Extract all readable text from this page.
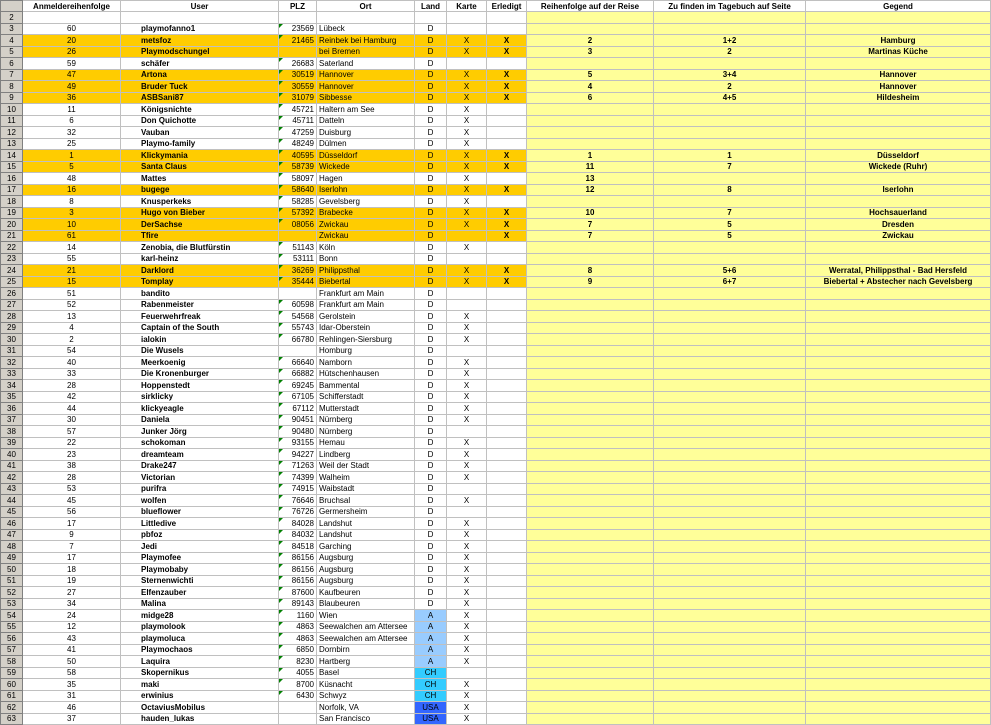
	Anmeldereihenfolge	User	PLZ	Ort	Land	Karte	Erledigt	Reihenfolge auf der Reise	Zu finden im Tagebuch auf Seite	Gegend
2										
3	60	playmofanno1	23569	Lübeck	D					
4	20	metsfoz	21465	Reinbek bei Hamburg	D	X	X	2	1+2	Hamburg
5	26	Playmodschungel		bei Bremen	D	X	X	3	2	Martinas Küche
6	59	schäfer	26683	Saterland	D					
7	47	Artona	30519	Hannover	D	X	X	5	3+4	Hannover
8	49	Bruder Tuck	30559	Hannover	D	X	X	4	2	Hannover
9	36	ASBSani87	31079	Sibbesse	D	X	X	6	4+5	Hildesheim
10	11	Königsnichte	45721	Haltern am See	D	X				
11	6	Don Quichotte	45711	Datteln	D	X				
12	32	Vauban	47259	Duisburg	D	X				
13	25	Playmo-family	48249	Dülmen	D	X				
14	1	Klickymania	40595	Düsseldorf	D	X	X	1	1	Düsseldorf
15	5	Santa Claus	58739	Wickede	D	X	X	11	7	Wickede (Ruhr)
16	48	Mattes	58097	Hagen	D	X		13		
17	16	bugege	58640	Iserlohn	D	X	X	12	8	Iserlohn
18	8	Knusperkeks	58285	Gevelsberg	D	X				
19	3	Hugo von Bieber	57392	Brabecke	D	X	X	10	7	Hochsauerland
20	10	DerSachse	08056	Zwickau	D	X	X	7	5	Dresden
21	61	Tfire		Zwickau	D		X	7	5	Zwickau
22	14	Zenobia, die Blutfürstin	51143	Köln	D	X				
23	55	karl-heinz	53111	Bonn	D					
24	21	Darklord	36269	Philippsthal	D	X	X	8	5+6	Werratal, Philippsthal - Bad Hersfeld
25	15	Tomplay	35444	Biebertal	D	X	X	9	6+7	Biebertal + Abstecher nach Gevelsberg
26	51	bandito		Frankfurt am Main	D					
27	52	Rabenmeister	60598	Frankfurt am Main	D					
28	13	Feuerwehrfreak	54568	Gerolstein	D	X				
29	4	Captain of the South	55743	Idar-Oberstein	D	X				
30	2	ialokin	66780	Rehlingen-Siersburg	D	X				
31	54	Die Wusels		Homburg	D					
32	40	Meerkoenig	66640	Namborn	D	X				
33	33	Die Kronenburger	66882	Hütschenhausen	D	X				
34	28	Hoppenstedt	69245	Bammental	D	X				
35	42	sirklicky	67105	Schifferstadt	D	X				
36	44	klickyeagle	67112	Mutterstadt	D	X				
37	30	Daniela	90451	Nürnberg	D	X				
38	57	Junker Jörg	90480	Nürnberg	D					
39	22	schokoman	93155	Hemau	D	X				
40	23	dreamteam	94227	Lindberg	D	X				
41	38	Drake247	71263	Weil der Stadt	D	X				
42	28	Victorian	74399	Walheim	D	X				
43	53	purifra	74915	Waibstadt	D					
44	45	wolfen	76646	Bruchsal	D	X				
45	56	blueflower	76726	Germersheim	D					
46	17	Littledive	84028	Landshut	D	X				
47	9	pbfoz	84032	Landshut	D	X				
48	7	Jedi	84518	Garching	D	X				
49	17	Playmofee	86156	Augsburg	D	X				
50	18	Playmobaby	86156	Augsburg	D	X				
51	19	Sternenwichti	86156	Augsburg	D	X				
52	27	Elfenzauber	87600	Kaufbeuren	D	X				
53	34	Malina	89143	Blaubeuren	D	X				
54	24	midge28	1160	Wien	A	X				
55	12	playmolook	4863	Seewalchen am Attersee	A	X				
56	43	playmoluca	4863	Seewalchen am Attersee	A	X				
57	41	Playmochaos	6850	Dornbirn	A	X				
58	50	Laquira	8230	Hartberg	A	X				
59	58	Skopernikus	4055	Basel	CH					
60	35	maki	8700	Küsnacht	CH	X				
61	31	erwinius	6430	Schwyz	CH	X				
62	46	OctaviusMobilus		Norfolk, VA	USA	X				
63	37	hauden_lukas		San Francisco	USA	X				
